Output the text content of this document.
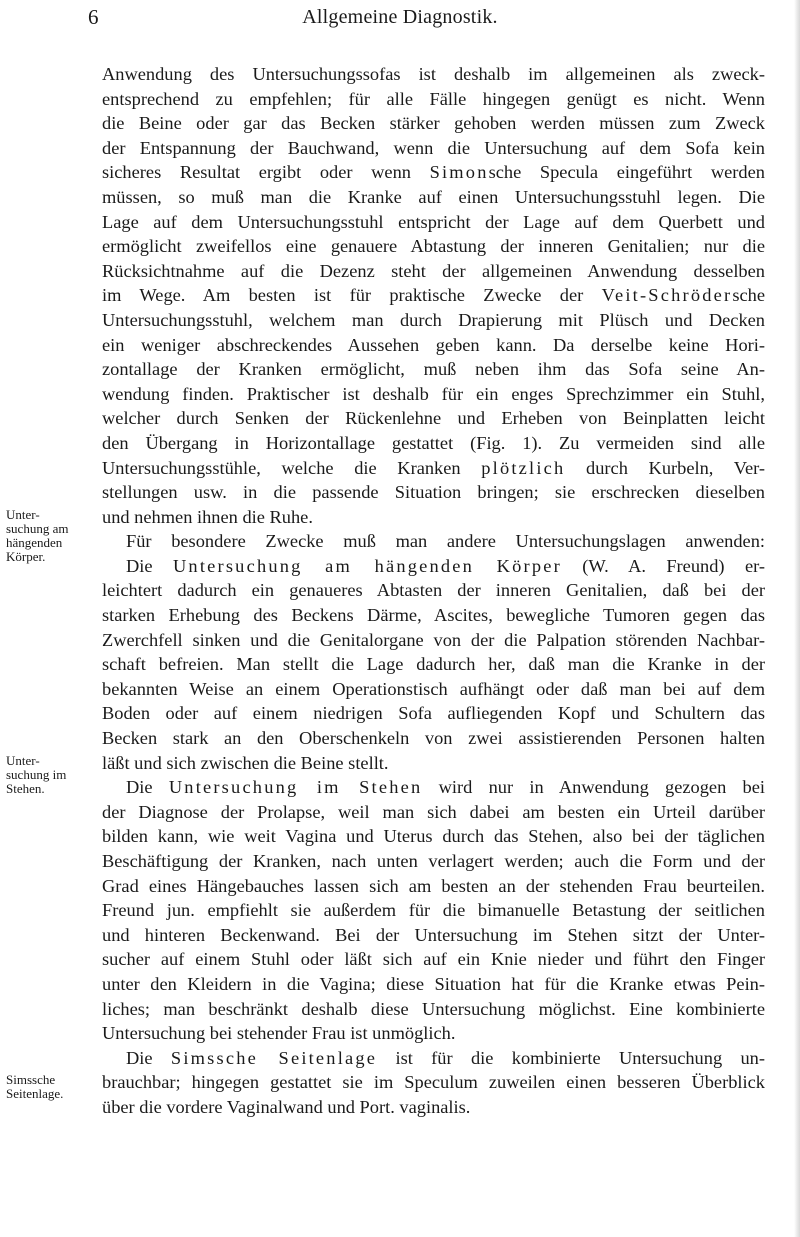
6	Allgemeine Diagnostik.
Unter-
suchung am
hängenden
Körper.
Unter-
suchung im
Stehen.
Simssche
Seitenlage.
Anwendung des Untersuchungssofas ist deshalb im allgemeinen als zweck-
entsprechend zu empfehlen; für alle Fälle hingegen genügt es nicht. Wenn
die Beine oder gar das Becken stärker gehoben werden müssen zum Zweck
der Entspannung der Bauchwand, wenn die Untersuchung auf dem Sofa kein
sicheres Resultat ergibt oder wenn Simonsche Specula eingeführt werden
müssen, so muß man die Kranke auf einen Untersuchungsstuhl legen. Die
Lage auf dem Untersuchungsstuhl entspricht der Lage auf dem Querbett und
ermöglicht zweifellos eine genauere Abtastung der inneren Genitalien; nur die
Rücksichtnahme auf die Dezenz steht der allgemeinen Anwendung desselben
im Wege. Am besten ist für praktische Zwecke der Veit-Schrödersche
Untersuchungsstuhl, welchem man durch Drapierung mit Plüsch und Decken
ein weniger abschreckendes Aussehen geben kann. Da derselbe keine Hori-
zontallage der Kranken ermöglicht, muß neben ihm das Sofa seine An-
wendung finden. Praktischer ist deshalb für ein enges Sprechzimmer ein Stuhl,
welcher durch Senken der Rückenlehne und Erheben von Beinplatten leicht
den Übergang in Horizontallage gestattet (Fig. 1). Zu vermeiden sind alle
Untersuchungsstühle, welche die Kranken plötzlich durch Kurbeln, Ver-
stellungen usw. in die passende Situation bringen; sie erschrecken dieselben
und nehmen ihnen die Ruhe.
Für besondere Zwecke muß man andere Untersuchungslagen anwenden:
Die Untersuchung am hängenden Körper (W. A. Freund) er-
leichtert dadurch ein genaueres Abtasten der inneren Genitalien, daß bei der
starken Erhebung des Beckens Därme, Ascites, bewegliche Tumoren gegen das
Zwerchfell sinken und die Genitalorgane von der die Palpation störenden Nachbar-
schaft befreien. Man stellt die Lage dadurch her, daß man die Kranke in der
bekannten Weise an einem Operationstisch aufhängt oder daß man bei auf dem
Boden oder auf einem niedrigen Sofa aufliegenden Kopf und Schultern das
Becken stark an den Oberschenkeln von zwei assistierenden Personen halten
läßt und sich zwischen die Beine stellt.
Die Untersuchung im Stehen wird nur in Anwendung gezogen bei
der Diagnose der Prolapse, weil man sich dabei am besten ein Urteil darüber
bilden kann, wie weit Vagina und Uterus durch das Stehen, also bei der täglichen
Beschäftigung der Kranken, nach unten verlagert werden; auch die Form und der
Grad eines Hängebauches lassen sich am besten an der stehenden Frau beurteilen.
Freund jun. empfiehlt sie außerdem für die bimanuelle Betastung der seitlichen
und hinteren Beckenwand. Bei der Untersuchung im Stehen sitzt der Unter-
sucher auf einem Stuhl oder läßt sich auf ein Knie nieder und führt den Finger
unter den Kleidern in die Vagina; diese Situation hat für die Kranke etwas Pein-
liches; man beschränkt deshalb diese Untersuchung möglichst. Eine kombinierte
Untersuchung bei stehender Frau ist unmöglich.
Die Simssche Seitenlage ist für die kombinierte Untersuchung un-
brauchbar; hingegen gestattet sie im Speculum zuweilen einen besseren Überblick
über die vordere Vaginalwand und Port. vaginalis.
